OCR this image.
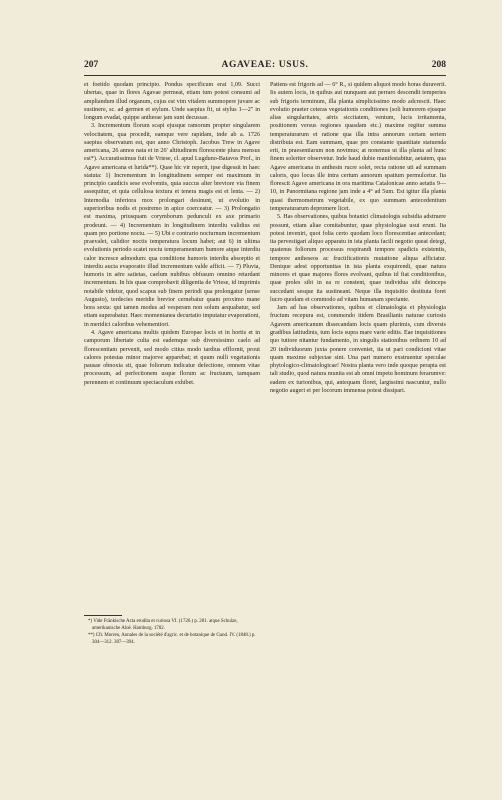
207	AGAVEAE: USUS.	208

et foetido quodam principio. Pondus specificum erat 1,09. Succi ubertas, quae in flores Agavae permeat, etiam tum potest consumi ad ampliandum illud organum, cujus est vim vitalem summopere juvare ac sustinere, sc. ad germen et stylum. Unde saepius fit, ut stylus 1—2″ in longum evadat, quippe antherae jam sunt decussae.

3. Incrementum florum scapi ejusque ramorum propter singularem velocitatem, qua procedit, eamque vere rapidam, inde ab a. 1726 saepius observatum est, quo anno Christoph. Jacobus Trew in Agave americana, 26 annos nata et in 26′ altitudinem florescente plura mensus est*). Accuratissimus fuit de Vriese, cl. apud Lugduno-Batavos Prof., in Agave americana et lurida**). Quae hic vir reperit, ipse digessit in haec statuta: 1) Incrementum in longitudinem semper est maximum in principio caudicis sese evolventis, quia succus alter breviore via finem assequitur, et quia cellulosa textura et tenera magis est et lenta. — 2) Internodia inferiora mox prolongari desinunt, ut evolutio in superioribus nodis et postremo in apice coerceatur. — 3) Prolongatio est maxima, priusquam corymborum pedunculi ex axe primario prodeunt. — 4) Incrementum in longitudinem interdiu validius est quam pro portione noctu. — 5) Ubi e contrario nocturnum incrementum praevalet, calidior noctis temperatura locum habet; aut 6) in ultima evolutionis periodo scatet noctu temperamentum humore atque interdiu calor incresce admodum: qua conditione humoris interdiu absorptio et interdiu aucta evaporatio illud incrementum valde afficit. — 7) Pluvia, humoris in aëre satietas, caelum nubibus obfusum omnino retardant incrementum. In his quae comprobavit diligentia de Vriese, id imprimis notabile videtur, quod scapus sub finem periodi qua prolongatur (sense Augusto), terdecies meridie brevior cernebatur quam proximo mane hora sexta: qui tamen modus ad vesperam non solum aequabatur, sed etiam superabatur. Haec momentanea decurtatio imputatur evaporationi, in meridici caloribus vehementiori.

4. Agave americana multis quidem Europae locis et in hortis et in camporum libertate culta est eademque sub diversissimo caelo ad florescentiam pervenit, sed modo citius modo tardius efflornit, prout calores potestas minor majorve apparebat; et quum nulli vegetationis pausae obnoxia sit, quae foliorum indicatur defectione, omnem vitae processum, ad perfectionem usque florum ac fructuum, tamquam perennem et continuum spectaculum exhibet.

Patiens est frigoris ad — 6° R., si quidem aliquot modo horas duraverit. Iis autem locis, in quibus aut nunquam aut perraro descendit temperies sub frigoris terminum, illa planta simplicissimo modo adcrescit. Haec evolutio praeter ceteras vegetationis conditiones (soli humorem ejusque alias singularitates, aëris siccitatem, ventum, lucis irritamenta, positionem versus regiones quasdam etc.) maxime regitur summa temperaturarum et ratione qua illa intra annorum certam seriem distributa est. Eam summam, quae pro constante quantitate statuenda erit, in praesentiarum non novimus; at nonemus ut illa planta ad hunc finem soleriter observetur. Inde haud dubie manifestabitur, aetatem, qua Agave americana in anthesin rucre solet, recta ratione uti ad summam caloris, quo locus ille intra certum annorum spatium permulcetur. Ita florescit Agave americana in ora maritima Catalonicae anno aetatis 9—10, in Panormitana regione jam inde a 4° ad 5um. Est igitur illa planta quasi thermometrum vegetabile, ex quo summam antecedentium temperaturarum depromere licet.

5. Has observationes, quibus botanici climatologis subsidia adstruere possunt, etiam aliae comitabuntur, quae physiologiae usui erunt. Ita potest inveniri, quot folia certo quodam loco florescentiae antecedant; ita pervestigari aliquo apparatu in ista planta facili negotio queat detegi, quatenus foliorum processus respirandi tempore spadicis existentis, tempore antheseos ac fructificationis mutatione aliqua afficiatur. Denique adest opportunitas in ista planta exquirendi, quae natura minores et quae majores flores evolvant, quibus id fiat conditionibus, quae proles sibi in ea re constent, quae individua sibi deinceps succedant sesque ita sustineant. Neque illa inquisitio destituta foret lucro quodam et commodo ad vitam humanam spectante.

Jam ad has observationes, quibus et climatologia et physiologia fructum recepura est, commendo itidem Brasilianis naturae curiosis Agavem americanum dissecandam locis quam plurimis, cum diversis gradibus latitudinis, tum locis supra mare varie editis. Eae inquisitiones quo tutiore nitantur fundamento, in singulis stationibus ordinem 10 ad 20 individuorum juxta ponere conveniet, ita ut pari condicioni vitae quam maxime subjectae sint. Una pari numero exstruentur speculae phytologico-climatologicae! Nostra planta vero inde quoque perapta est tali studio, quod natura munita est ab omni impetu hominum ferarumve: eadem ex turionibus, qui, antequam floret, largissimi nascuntur, nullo negotio augeri et per locorum immensa potest dissipari.

*) Vide Fränkische Acta erudita et curiosa VI. (1726.) p. 281. atque Schulze, amerikanische Aloë. Hamburg. 1782.

**) Cfr. Morren, Annales de la société d'agric. et de botanique de Gand. IV. (1848.) p. 304—312. 387—394.
